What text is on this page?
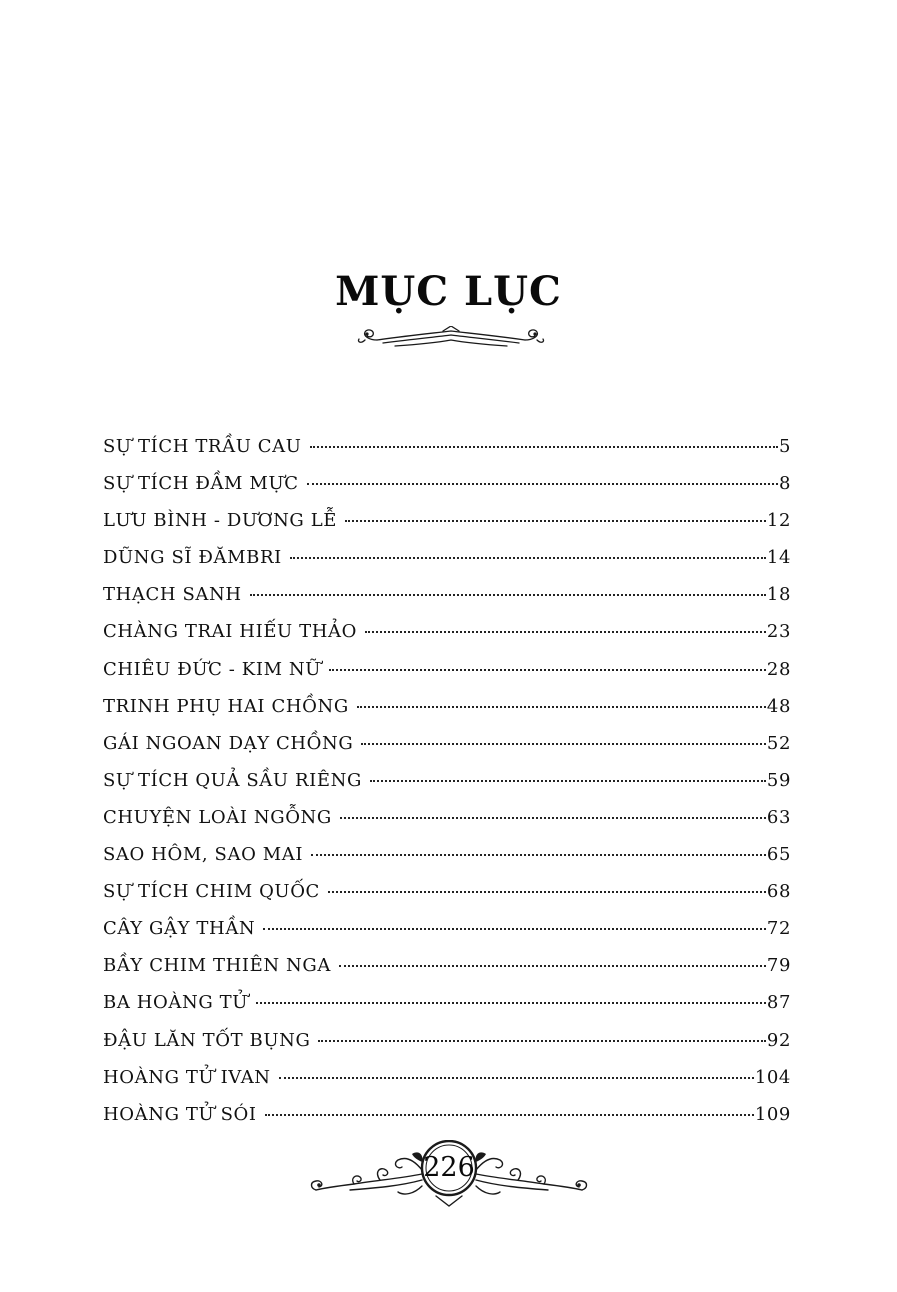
MỤC LỤC
SỰ TÍCH TRẦU CAU	5
SỰ TÍCH ĐẦM MỰC	8
LƯU BÌNH - DƯƠNG LỄ	12
DŨNG SĨ ĐĂMBRI	14
THẠCH SANH	18
CHÀNG TRAI HIẾU THẢO	23
CHIÊU ĐỨC - KIM NỮ	28
TRINH PHỤ HAI CHỒNG	48
GÁI NGOAN DẠY CHỒNG	52
SỰ TÍCH QUẢ SẦU RIÊNG	59
CHUYỆN LOÀI NGỖNG	63
SAO HÔM, SAO MAI	65
SỰ TÍCH CHIM QUỐC	68
CÂY GẬY THẦN	72
BẦY CHIM THIÊN NGA	79
BA HOÀNG TỬ	87
ĐẬU LĂN TỐT BỤNG	92
HOÀNG TỬ IVAN	104
HOÀNG TỬ SÓI	109
226
